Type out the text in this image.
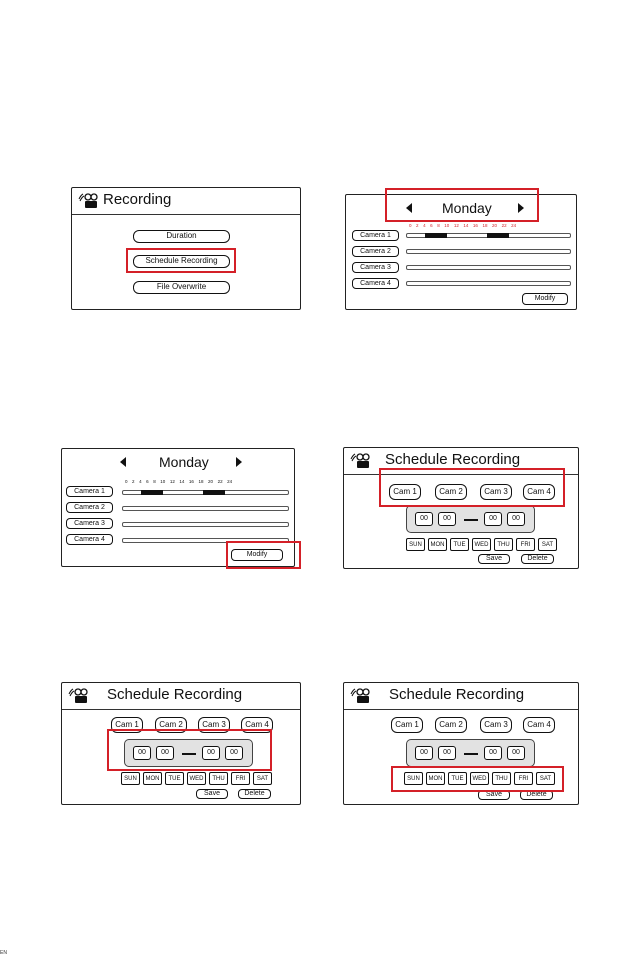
Recording
Duration
Schedule Recording
File Overwrite
Monday
0 2 4 6 8 10 12 14 16 18 20 22 24
Camera 1
Camera 2
Camera 3
Camera 4
Modify
Monday
0 2 4 6 8 10 12 14 16 18 20 22 24
Camera 1
Camera 2
Camera 3
Camera 4
Modify
Schedule Recording
Cam 1	Cam 2	Cam 3	Cam 4
00	00	00	00
SUN	MON	TUE	WED	THU	FRI	SAT
Save	Delete
Schedule Recording
Cam 1	Cam 2	Cam 3	Cam 4
00	00	00	00
SUN	MON	TUE	WED	THU	FRI	SAT
Save	Delete
Schedule Recording
Cam 1	Cam 2	Cam 3	Cam 4
00	00	00	00
SUN	MON	TUE	WED	THU	FRI	SAT
Save	Delete
EN
